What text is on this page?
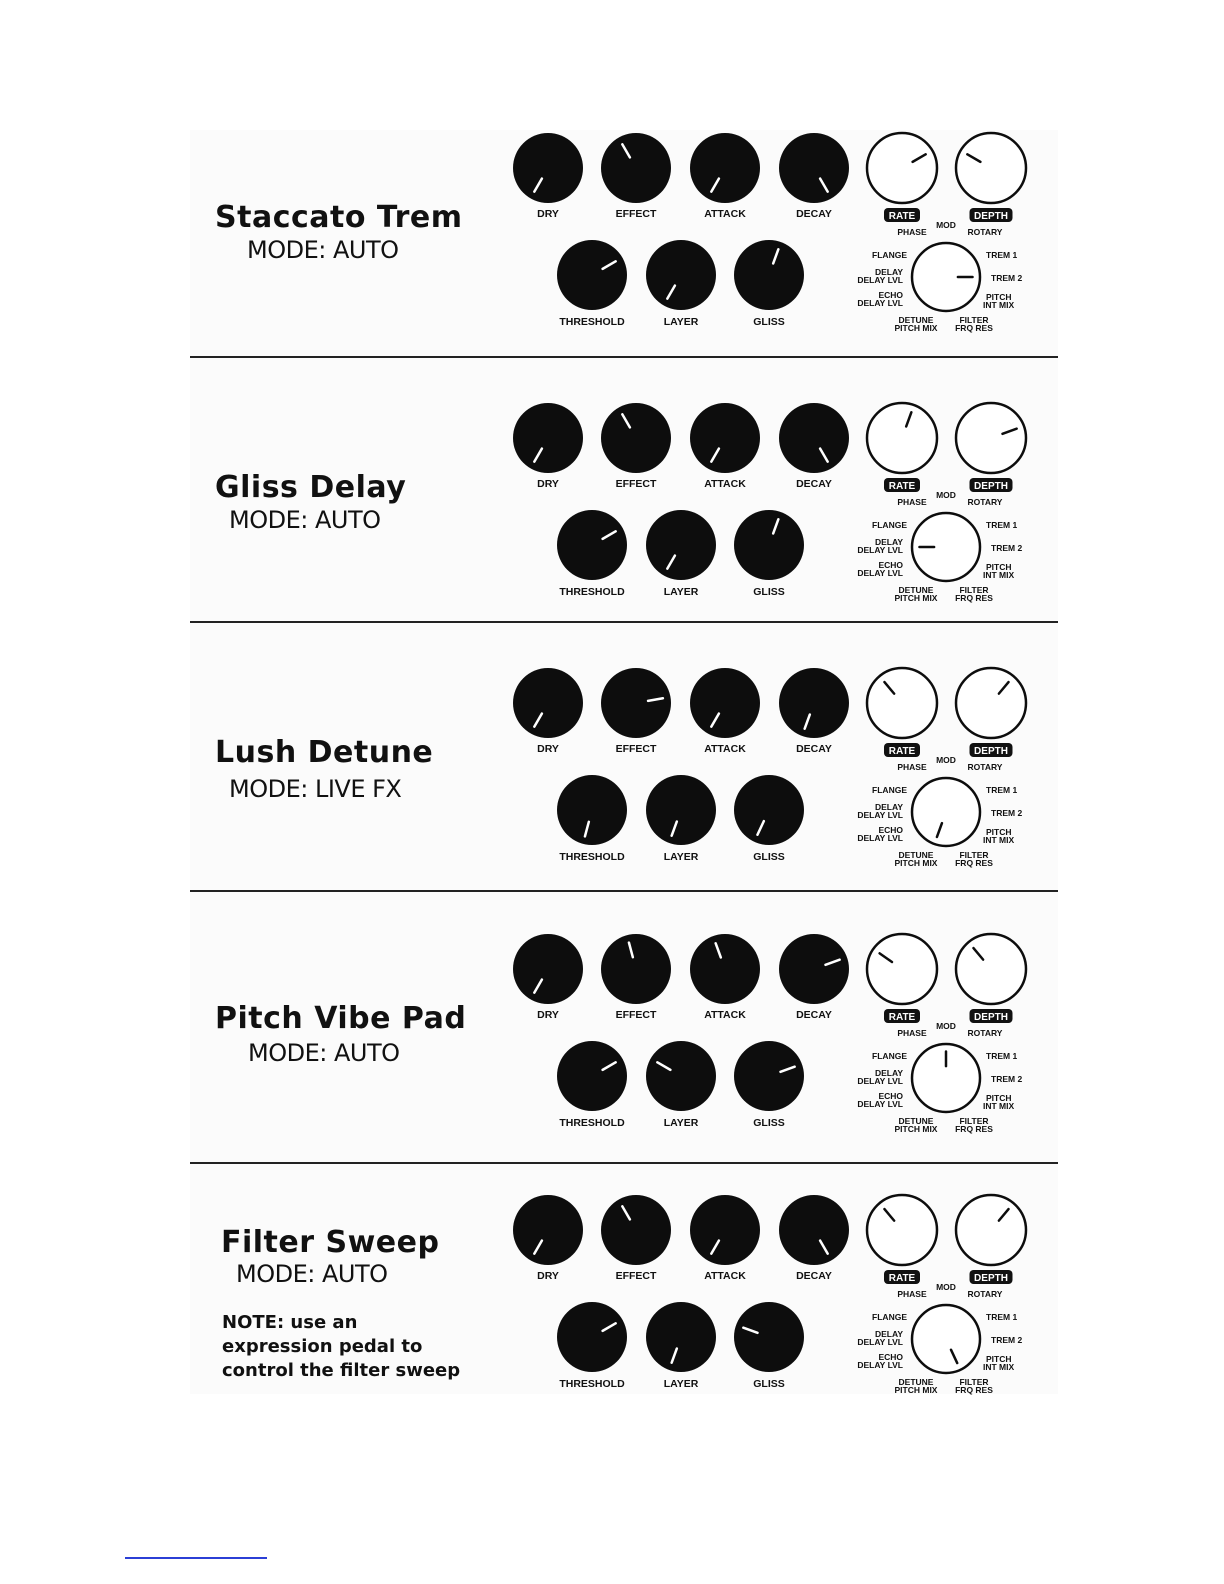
Staccato Trem
MODE: AUTO
Gliss Delay
MODE: AUTO
Lush Detune
MODE: LIVE FX
Pitch Vibe Pad
MODE: AUTO
Filter Sweep
MODE: AUTO
NOTE: use an expression pedal to control the filter sweep
DRY	EFFECT	ATTACK	DECAY	RATE	DEPTH
MOD
PHASE	ROTARY
THRESHOLD	LAYER	GLISS
FLANGE
DELAY
DELAY LVL
ECHO
DELAY LVL
DETUNE
PITCH MIX
FILTER
FRQ RES
TREM 1
TREM 2
PITCH
INT MIX
DRY	EFFECT	ATTACK	DECAY	RATE	DEPTH
MOD
PHASE	ROTARY
THRESHOLD	LAYER	GLISS
FLANGE
DELAY
DELAY LVL
ECHO
DELAY LVL
DETUNE
PITCH MIX
FILTER
FRQ RES
TREM 1
TREM 2
PITCH
INT MIX
DRY	EFFECT	ATTACK	DECAY	RATE	DEPTH
MOD
PHASE	ROTARY
THRESHOLD	LAYER	GLISS
FLANGE
DELAY
DELAY LVL
ECHO
DELAY LVL
DETUNE
PITCH MIX
FILTER
FRQ RES
TREM 1
TREM 2
PITCH
INT MIX
DRY	EFFECT	ATTACK	DECAY	RATE	DEPTH
MOD
PHASE	ROTARY
THRESHOLD	LAYER	GLISS
FLANGE
DELAY
DELAY LVL
ECHO
DELAY LVL
DETUNE
PITCH MIX
FILTER
FRQ RES
TREM 1
TREM 2
PITCH
INT MIX
DRY	EFFECT	ATTACK	DECAY	RATE	DEPTH
MOD
PHASE	ROTARY
THRESHOLD	LAYER	GLISS
FLANGE
DELAY
DELAY LVL
ECHO
DELAY LVL
DETUNE
PITCH MIX
FILTER
FRQ RES
TREM 1
TREM 2
PITCH
INT MIX
